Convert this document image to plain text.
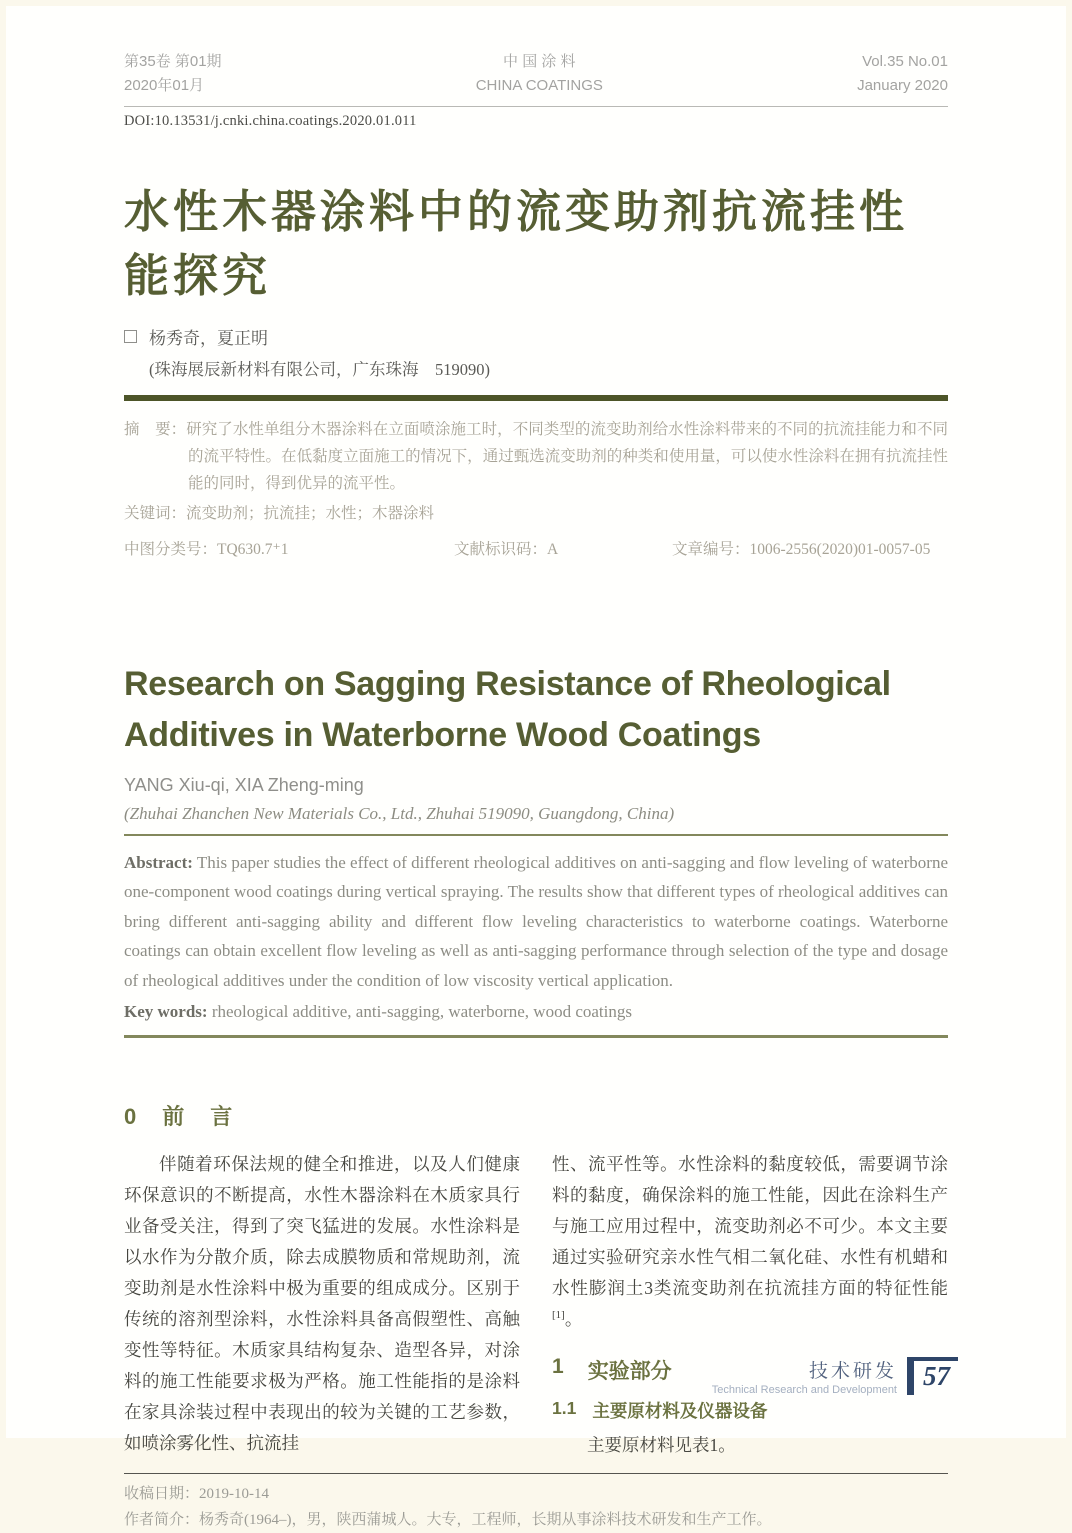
第35卷 第01期
2020年01月
中 国 涂 料
CHINA COATINGS
Vol.35 No.01
January 2020
DOI:10.13531/j.cnki.china.coatings.2020.01.011
水性木器涂料中的流变助剂抗流挂性能探究
杨秀奇，夏正明
(珠海展辰新材料有限公司，广东珠海　519090)

摘　要：研究了水性单组分木器涂料在立面喷涂施工时，不同类型的流变助剂给水性涂料带来的不同的抗流挂能力和不同的流平特性。在低黏度立面施工的情况下，通过甄选流变助剂的种类和使用量，可以使水性涂料在拥有抗流挂性能的同时，得到优异的流平性。

关键词：流变助剂；抗流挂；水性；木器涂料

中图分类号：TQ630.7⁺1	文献标识码：A	文章编号：1006-2556(2020)01-0057-05
Research on Sagging Resistance of Rheological Additives in Waterborne Wood Coatings
YANG Xiu-qi, XIA Zheng-ming
(Zhuhai Zhanchen New Materials Co., Ltd., Zhuhai 519090, Guangdong, China)

Abstract: This paper studies the effect of different rheological additives on anti-sagging and flow leveling of waterborne one-component wood coatings during vertical spraying. The results show that different types of rheological additives can bring different anti-sagging ability and different flow leveling characteristics to waterborne coatings. Waterborne coatings can obtain excellent flow leveling as well as anti-sagging performance through selection of the type and dosage of rheological additives under the condition of low viscosity vertical application.

Key words: rheological additive, anti-sagging, waterborne, wood coatings

0　前　言

伴随着环保法规的健全和推进，以及人们健康环保意识的不断提高，水性木器涂料在木质家具行业备受关注，得到了突飞猛进的发展。水性涂料是以水作为分散介质，除去成膜物质和常规助剂，流变助剂是水性涂料中极为重要的组成成分。区别于传统的溶剂型涂料，水性涂料具备高假塑性、高触变性等特征。木质家具结构复杂、造型各异，对涂料的施工性能要求极为严格。施工性能指的是涂料在家具涂装过程中表现出的较为关键的工艺参数，如喷涂雾化性、抗流挂

性、流平性等。水性涂料的黏度较低，需要调节涂料的黏度，确保涂料的施工性能，因此在涂料生产与施工应用过程中，流变助剂必不可少。本文主要通过实验研究亲水性气相二氧化硅、水性有机蜡和水性膨润土3类流变助剂在抗流挂方面的特征性能[1]。

1 实验部分
1.1 主要原材料及仪器设备

主要原材料见表1。

收稿日期：2019-10-14
作者简介：杨秀奇(1964–)，男，陕西蒲城人。大专，工程师，长期从事涂料技术研发和生产工作。
技术研发
Technical Research and Development 57
